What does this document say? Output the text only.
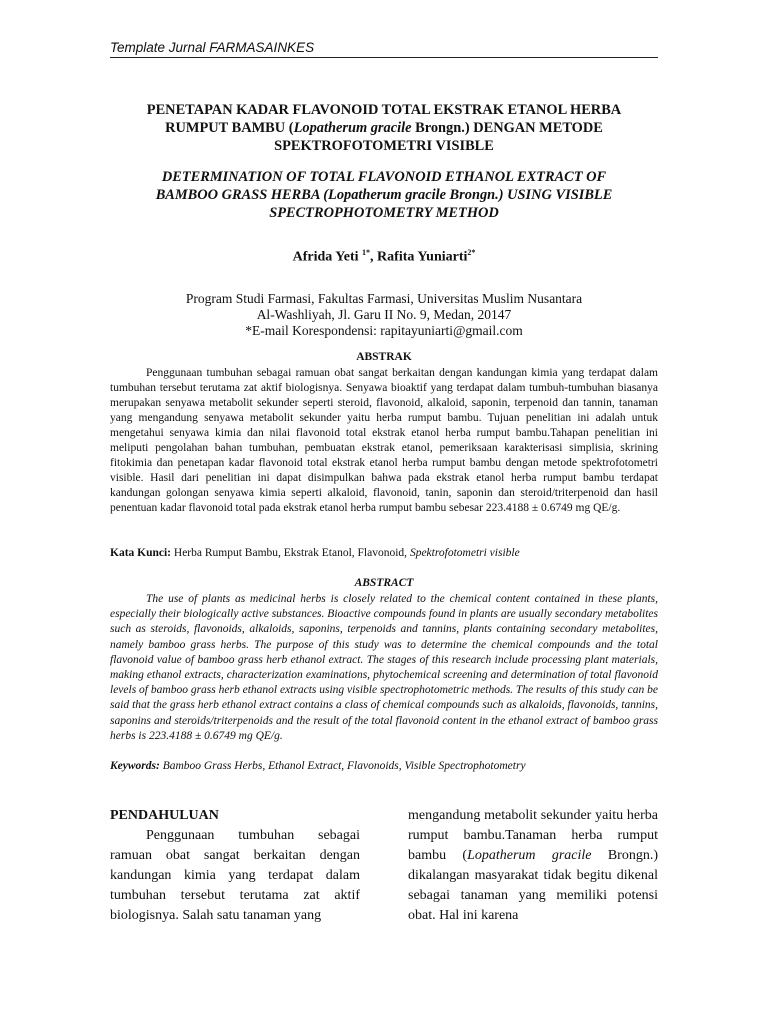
Template Jurnal FARMASAINKES
PENETAPAN KADAR FLAVONOID TOTAL EKSTRAK ETANOL HERBA
RUMPUT BAMBU (Lopatherum gracile Brongn.) DENGAN METODE
SPEKTROFOTOMETRI VISIBLE
DETERMINATION OF TOTAL FLAVONOID ETHANOL EXTRACT OF
BAMBOO GRASS HERBA (Lopatherum gracile Brongn.) USING VISIBLE
SPECTROPHOTOMETRY METHOD
Afrida Yeti $^{1*}$, Rafita Yuniarti$^{2*}$
Program Studi Farmasi, Fakultas Farmasi, Universitas Muslim Nusantara
Al-Washliyah, Jl. Garu II No. 9, Medan, 20147
*E-mail Korespondensi: rapitayuniarti@gmail.com
ABSTRAK
Penggunaan tumbuhan sebagai ramuan obat sangat berkaitan dengan kandungan kimia yang terdapat dalam tumbuhan tersebut terutama zat aktif biologisnya. Senyawa bioaktif yang terdapat dalam tumbuh-tumbuhan biasanya merupakan senyawa metabolit sekunder seperti steroid, flavonoid, alkaloid, saponin, terpenoid dan tannin, tanaman yang mengandung senyawa metabolit sekunder yaitu herba rumput bambu. Tujuan penelitian ini adalah untuk mengetahui senyawa kimia dan nilai flavonoid total ekstrak etanol herba rumput bambu.Tahapan penelitian ini meliputi pengolahan bahan tumbuhan, pembuatan ekstrak etanol, pemeriksaan karakterisasi simplisia, skrining fitokimia dan penetapan kadar flavonoid total ekstrak etanol herba rumput bambu dengan metode spektrofotometri visible. Hasil dari penelitian ini dapat disimpulkan bahwa pada ekstrak etanol herba rumput bambu terdapat kandungan golongan senyawa kimia seperti alkaloid, flavonoid, tanin, saponin dan steroid/triterpenoid dan hasil penentuan kadar flavonoid total pada ekstrak etanol herba rumput bambu sebesar 223.4188 ± 0.6749 mg QE/g.
Kata Kunci: Herba Rumput Bambu, Ekstrak Etanol, Flavonoid, Spektrofotometri visible
ABSTRACT
The use of plants as medicinal herbs is closely related to the chemical content contained in these plants, especially their biologically active substances. Bioactive compounds found in plants are usually secondary metabolites such as steroids, flavonoids, alkaloids, saponins, terpenoids and tannins, plants containing secondary metabolites, namely bamboo grass herbs. The purpose of this study was to determine the chemical compounds and the total flavonoid value of bamboo grass herb ethanol extract. The stages of this research include processing plant materials, making ethanol extracts, characterization examinations, phytochemical screening and determination of total flavonoid levels of bamboo grass herb ethanol extracts using visible spectrophotometric methods. The results of this study can be said that the grass herb ethanol extract contains a class of chemical compounds such as alkaloids, flavonoids, tannins, saponins and steroids/triterpenoids and the result of the total flavonoid content in the ethanol extract of bamboo grass herbs is 223.4188 ± 0.6749 mg QE/g.
Keywords: Bamboo Grass Herbs, Ethanol Extract, Flavonoids, Visible Spectrophotometry
PENDAHULUAN
Penggunaan tumbuhan sebagai ramuan obat sangat berkaitan dengan kandungan kimia yang terdapat dalam tumbuhan tersebut terutama zat aktif biologisnya. Salah satu tanaman yang
mengandung metabolit sekunder yaitu herba rumput bambu.Tanaman herba rumput bambu (Lopatherum gracile Brongn.) dikalangan masyarakat tidak begitu dikenal sebagai tanaman yang memiliki potensi obat. Hal ini karena
